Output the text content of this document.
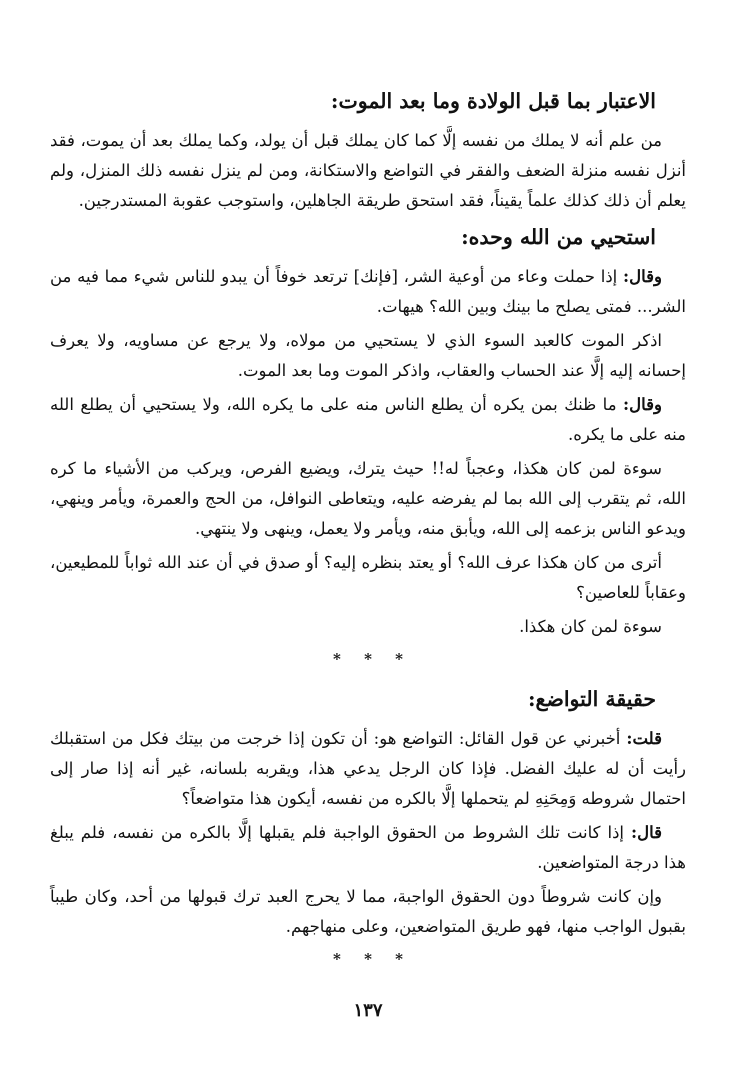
الاعتبار بما قبل الولادة وما بعد الموت:

من علم أنه لا يملك من نفسه إلَّا كما كان يملك قبل أن يولد، وكما يملك بعد أن يموت، فقد أنزل نفسه منزلة الضعف والفقر في التواضع والاستكانة، ومن لم ينزل نفسه ذلك المنزل، ولم يعلم أن ذلك كذلك علماً يقيناً، فقد استحق طريقة الجاهلين، واستوجب عقوبة المستدرجين.

استحيي من الله وحده:

وقال: إذا حملت وعاء من أوعية الشر، [فإنك] ترتعد خوفاً أن يبدو للناس شيء مما فيه من الشر... فمتى يصلح ما بينك وبين الله؟ هيهات.

اذكر الموت كالعبد السوء الذي لا يستحيي من مولاه، ولا يرجع عن مساويه، ولا يعرف إحسانه إليه إلَّا عند الحساب والعقاب، واذكر الموت وما بعد الموت.

وقال: ما ظنك بمن يكره أن يطلع الناس منه على ما يكره الله، ولا يستحيي أن يطلع الله منه على ما يكره.

سوءة لمن كان هكذا، وعجباً له!! حيث يترك، ويضيع الفرص، ويركب من الأشياء ما كره الله، ثم يتقرب إلى الله بما لم يفرضه عليه، ويتعاطى النوافل، من الحج والعمرة، ويأمر وينهي، ويدعو الناس بزعمه إلى الله، ويأبق منه، ويأمر ولا يعمل، وينهى ولا ينتهي.

أترى من كان هكذا عرف الله؟ أو يعتد بنظره إليه؟ أو صدق في أن عند الله ثواباً للمطيعين، وعقاباً للعاصين؟

سوءة لمن كان هكذا.

* * *
حقيقة التواضع:

قلت: أخبرني عن قول القائل: التواضع هو: أن تكون إذا خرجت من بيتك فكل من استقبلك رأيت أن له عليك الفضل. فإذا كان الرجل يدعي هذا، ويقربه بلسانه، غير أنه إذا صار إلى احتمال شروطه وَمِحَنِهِ لم يتحملها إلَّا بالكره من نفسه، أيكون هذا متواضعاً؟

قال: إذا كانت تلك الشروط من الحقوق الواجبة فلم يقبلها إلَّا بالكره من نفسه، فلم يبلغ هذا درجة المتواضعين.

وإن كانت شروطاً دون الحقوق الواجبة، مما لا يحرج العبد ترك قبولها من أحد، وكان طيباً بقبول الواجب منها، فهو طريق المتواضعين، وعلى منهاجهم.

* * *
١٣٧
